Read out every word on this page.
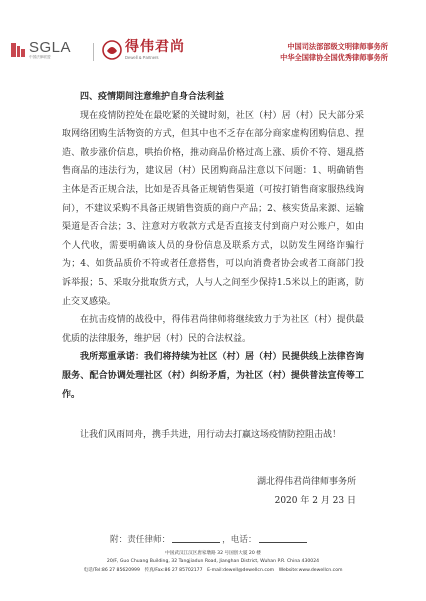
SGLA
中国法律联盟
得伟君尚
Dewell & Partners
中国司法部部级文明律师事务所
中华全国律协全国优秀律师事务所

四、疫情期间注意维护自身合法利益

现在疫情防控处在最吃紧的关键时刻，社区（村）居（村）民大部分采取网络团购生活物资的方式，但其中也不乏存在部分商家虚构团购信息、捏造、散步涨价信息，哄抬价格，推动商品价格过高上涨、质价不符、翅乱搭售商品的违法行为，建议居（村）民团购商品注意以下问题：1、明确销售主体是否正规合法，比如是否具备正规销售渠道（可按打销售商家服热线询问），不建议采购不具备正规销售资质的商户产品；2、核实货品来源、运输渠道是否合法；3、注意对方收款方式是否直接支付到商户对公账户，如由个人代收，需要明确该人员的身份信息及联系方式，以防发生网络诈骗行为；4、如货品质价不符或者任意搭售，可以向消费者协会或者工商部门投诉举报；5、采取分批取货方式，人与人之间至少保持1.5米以上的距离，防止交叉感染。

在抗击疫情的战役中，得伟君尚律师将继续致力于为社区（村）提供最优质的法律服务，维护居（村）民的合法权益。

我所郑重承诺：我们将持续为社区（村）居（村）民提供线上法律咨询服务、配合协调处理社区（村）纠纷矛盾，为社区（村）提供普法宣传等工作。

让我们风雨同舟，携手共进，用行动去打赢这场疫情防控阻击战！

湖北得伟君尚律师事务所
2020 年 2 月 23 日
附：责任律师：	，电话：
中国武汉江汉区唐家墩路 32 号国创大厦 20 楼
20/F, Guo Chuang Building, 32 Tangjiadun Road, Jianghan District, Wuhan P.R. China 430024
电话/Tel:86 27 85620999　传真/Fax:86 27 85702177　E-mail:dewell@dewellcn.com　Website:www.dewellcn.com
